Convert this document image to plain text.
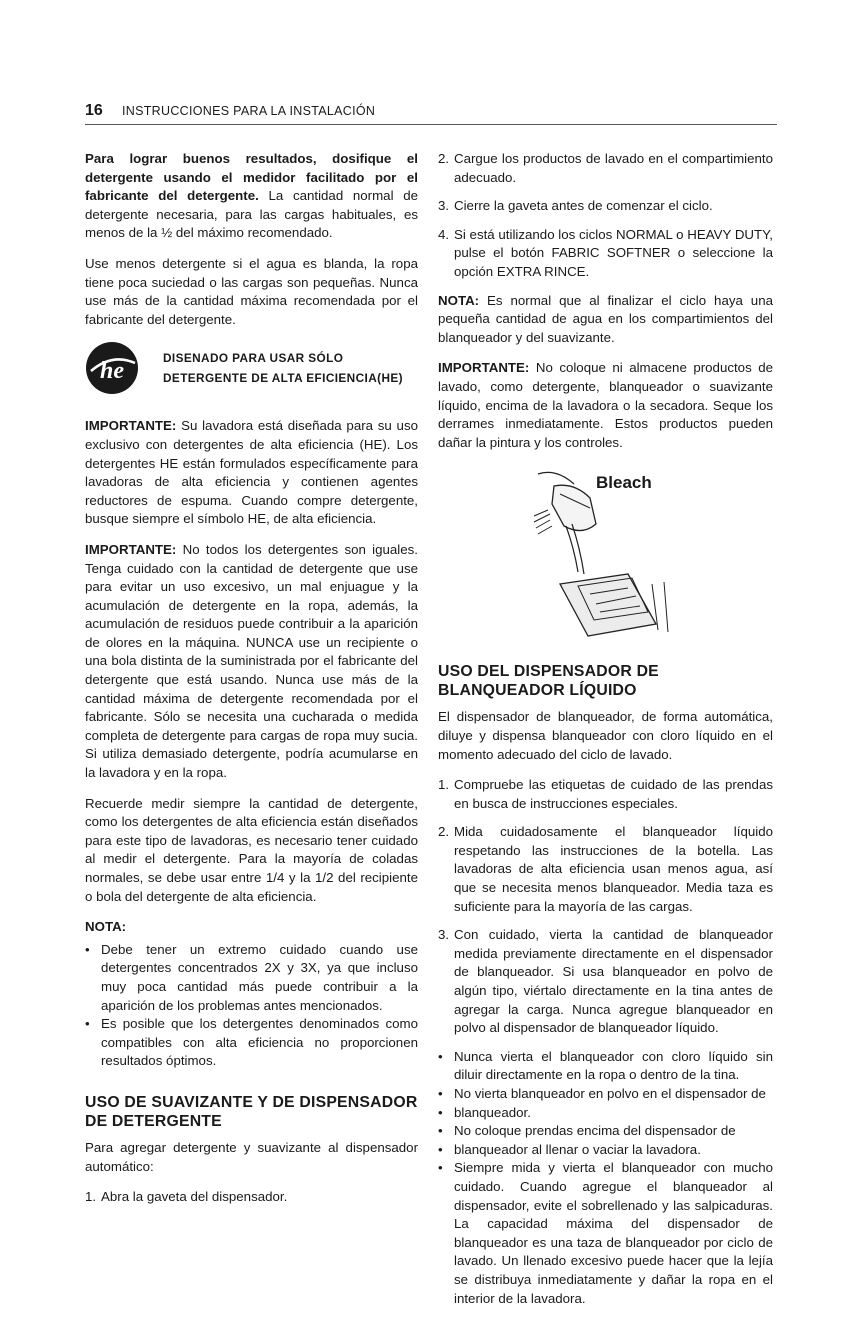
16 INSTRUCCIONES PARA LA INSTALACIÓN

Para lograr buenos resultados, dosifique el detergente usando el medidor facilitado por el fabricante del detergente. La cantidad normal de detergente necesaria, para las cargas habituales, es menos de la ½ del máximo recomendado.

Use menos detergente si el agua es blanda, la ropa tiene poca suciedad o las cargas son pequeñas. Nunca use más de la cantidad máxima recomendada por el fabricante del detergente.

he	DISENADO PARA USAR SÓLO DETERGENTE DE ALTA EFICIENCIA(HE)

IMPORTANTE: Su lavadora está diseñada para su uso exclusivo con detergentes de alta eficiencia (HE). Los detergentes HE están formulados específicamente para lavadoras de alta eficiencia y contienen agentes reductores de espuma. Cuando compre detergente, busque siempre el símbolo HE, de alta eficiencia.

IMPORTANTE: No todos los detergentes son iguales. Tenga cuidado con la cantidad de detergente que use para evitar un uso excesivo, un mal enjuague y la acumulación de detergente en la ropa, además, la acumulación de residuos puede contribuir a la aparición de olores en la máquina. NUNCA use un recipiente o una bola distinta de la suministrada por el fabricante del detergente que está usando. Nunca use más de la cantidad máxima de detergente recomendada por el fabricante. Sólo se necesita una cucharada o medida completa de detergente para cargas de ropa muy sucia. Si utiliza demasiado detergente, podría acumularse en la lavadora y en la ropa.

Recuerde medir siempre la cantidad de detergente, como los detergentes de alta eficiencia están diseñados para este tipo de lavadoras, es necesario tener cuidado al medir el detergente. Para la mayoría de coladas normales, se debe usar entre 1/4 y la 1/2 del recipiente o bola del detergente de alta eficiencia.

NOTA:
• Debe tener un extremo cuidado cuando use detergentes concentrados 2X y 3X, ya que incluso muy poca cantidad más puede contribuir a la aparición de los problemas antes mencionados.
• Es posible que los detergentes denominados como compatibles con alta eficiencia no proporcionen resultados óptimos.
USO DE SUAVIZANTE Y DE DISPENSADOR DE DETERGENTE

Para agregar detergente y suavizante al dispensador automático:

1. Abra la gaveta del dispensador.
2. Cargue los productos de lavado en el compartimiento adecuado.
3. Cierre la gaveta antes de comenzar el ciclo.
4. Si está utilizando los ciclos NORMAL o HEAVY DUTY, pulse el botón FABRIC SOFTNER o seleccione la opción EXTRA RINCE.

NOTA: Es normal que al finalizar el ciclo haya una pequeña cantidad de agua en los compartimientos del blanqueador y del suavizante.

IMPORTANTE: No coloque ni almacene productos de lavado, como detergente, blanqueador o suavizante líquido, encima de la lavadora o la secadora. Seque los derrames inmediatamente. Estos productos pueden dañar la pintura y los controles.

Bleach
USO DEL DISPENSADOR DE BLANQUEADOR LÍQUIDO

El dispensador de blanqueador, de forma automática, diluye y dispensa blanqueador con cloro líquido en el momento adecuado del ciclo de lavado.

1. Compruebe las etiquetas de cuidado de las prendas en busca de instrucciones especiales.
2. Mida cuidadosamente el blanqueador líquido respetando las instrucciones de la botella. Las lavadoras de alta eficiencia usan menos agua, así que se necesita menos blanqueador. Media taza es suficiente para la mayoría de las cargas.
3. Con cuidado, vierta la cantidad de blanqueador medida previamente directamente en el dispensador de blanqueador. Si usa blanqueador en polvo de algún tipo, viértalo directamente en la tina antes de agregar la carga. Nunca agregue blanqueador en polvo al dispensador de blanqueador líquido.
• Nunca vierta el blanqueador con cloro líquido sin diluir directamente en la ropa o dentro de la tina.
• No vierta blanqueador en polvo en el dispensador de
• blanqueador.
• No coloque prendas encima del dispensador de
• blanqueador al llenar o vaciar la lavadora.
• Siempre mida y vierta el blanqueador con mucho cuidado. Cuando agregue el blanqueador al dispensador, evite el sobrellenado y las salpicaduras. La capacidad máxima del dispensador de blanqueador es una taza de blanqueador por ciclo de lavado. Un llenado excesivo puede hacer que la lejía se distribuya inmediatamente y dañar la ropa en el interior de la lavadora.
